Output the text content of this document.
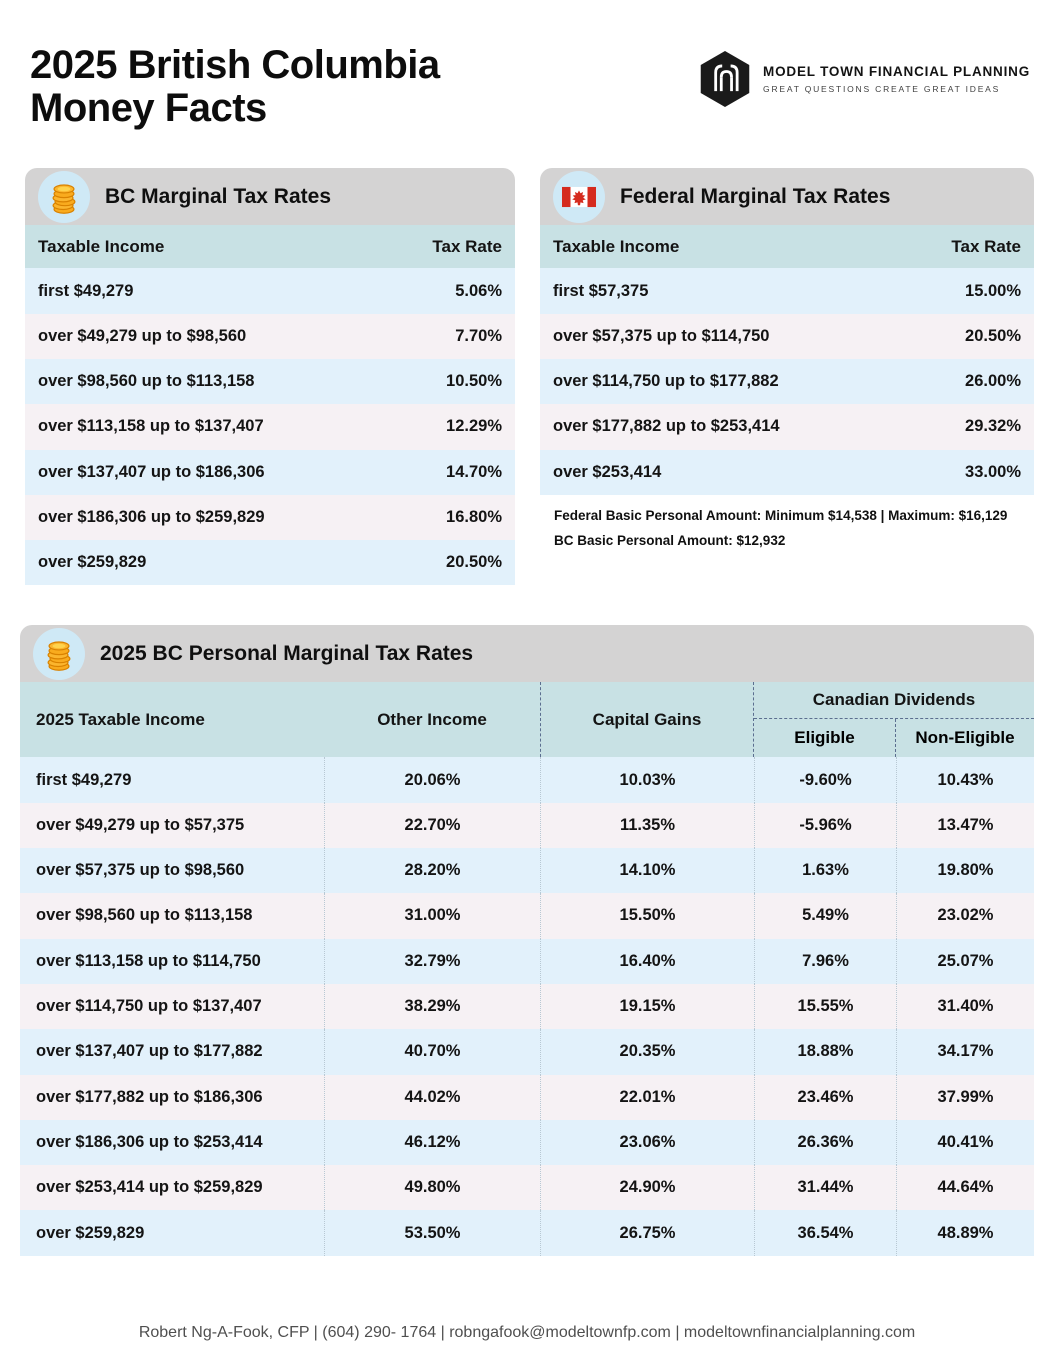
2025 British Columbia
Money Facts
MODEL TOWN FINANCIAL PLANNING
GREAT QUESTIONS CREATE GREAT IDEAS
BC Marginal Tax Rates
Taxable Income	Tax Rate
first $49,279	5.06%
over $49,279 up to $98,560	7.70%
over $98,560 up to $113,158	10.50%
over $113,158 up to $137,407	12.29%
over $137,407 up to $186,306	14.70%
over $186,306 up to $259,829	16.80%
over $259,829	20.50%
Federal Marginal Tax Rates
Taxable Income	Tax Rate
first $57,375	15.00%
over $57,375 up to $114,750	20.50%
over $114,750 up to $177,882	26.00%
over $177,882 up to $253,414	29.32%
over $253,414	33.00%

Federal Basic Personal Amount: Minimum $14,538 | Maximum: $16,129

BC Basic Personal Amount: $12,932

2025 BC Personal Marginal Tax Rates
2025 Taxable Income	Other Income	Capital Gains
Canadian Dividends
Eligible	Non-Eligible
first $49,279	20.06%	10.03%	-9.60%	10.43%
over $49,279 up to $57,375	22.70%	11.35%	-5.96%	13.47%
over $57,375 up to $98,560	28.20%	14.10%	1.63%	19.80%
over $98,560 up to $113,158	31.00%	15.50%	5.49%	23.02%
over $113,158 up to $114,750	32.79%	16.40%	7.96%	25.07%
over $114,750 up to $137,407	38.29%	19.15%	15.55%	31.40%
over $137,407 up to $177,882	40.70%	20.35%	18.88%	34.17%
over $177,882 up to $186,306	44.02%	22.01%	23.46%	37.99%
over $186,306 up to $253,414	46.12%	23.06%	26.36%	40.41%
over $253,414 up to $259,829	49.80%	24.90%	31.44%	44.64%
over $259,829	53.50%	26.75%	36.54%	48.89%
Robert Ng-A-Fook, CFP | (604) 290- 1764 | robngafook@modeltownfp.com | modeltownfinancialplanning.com
